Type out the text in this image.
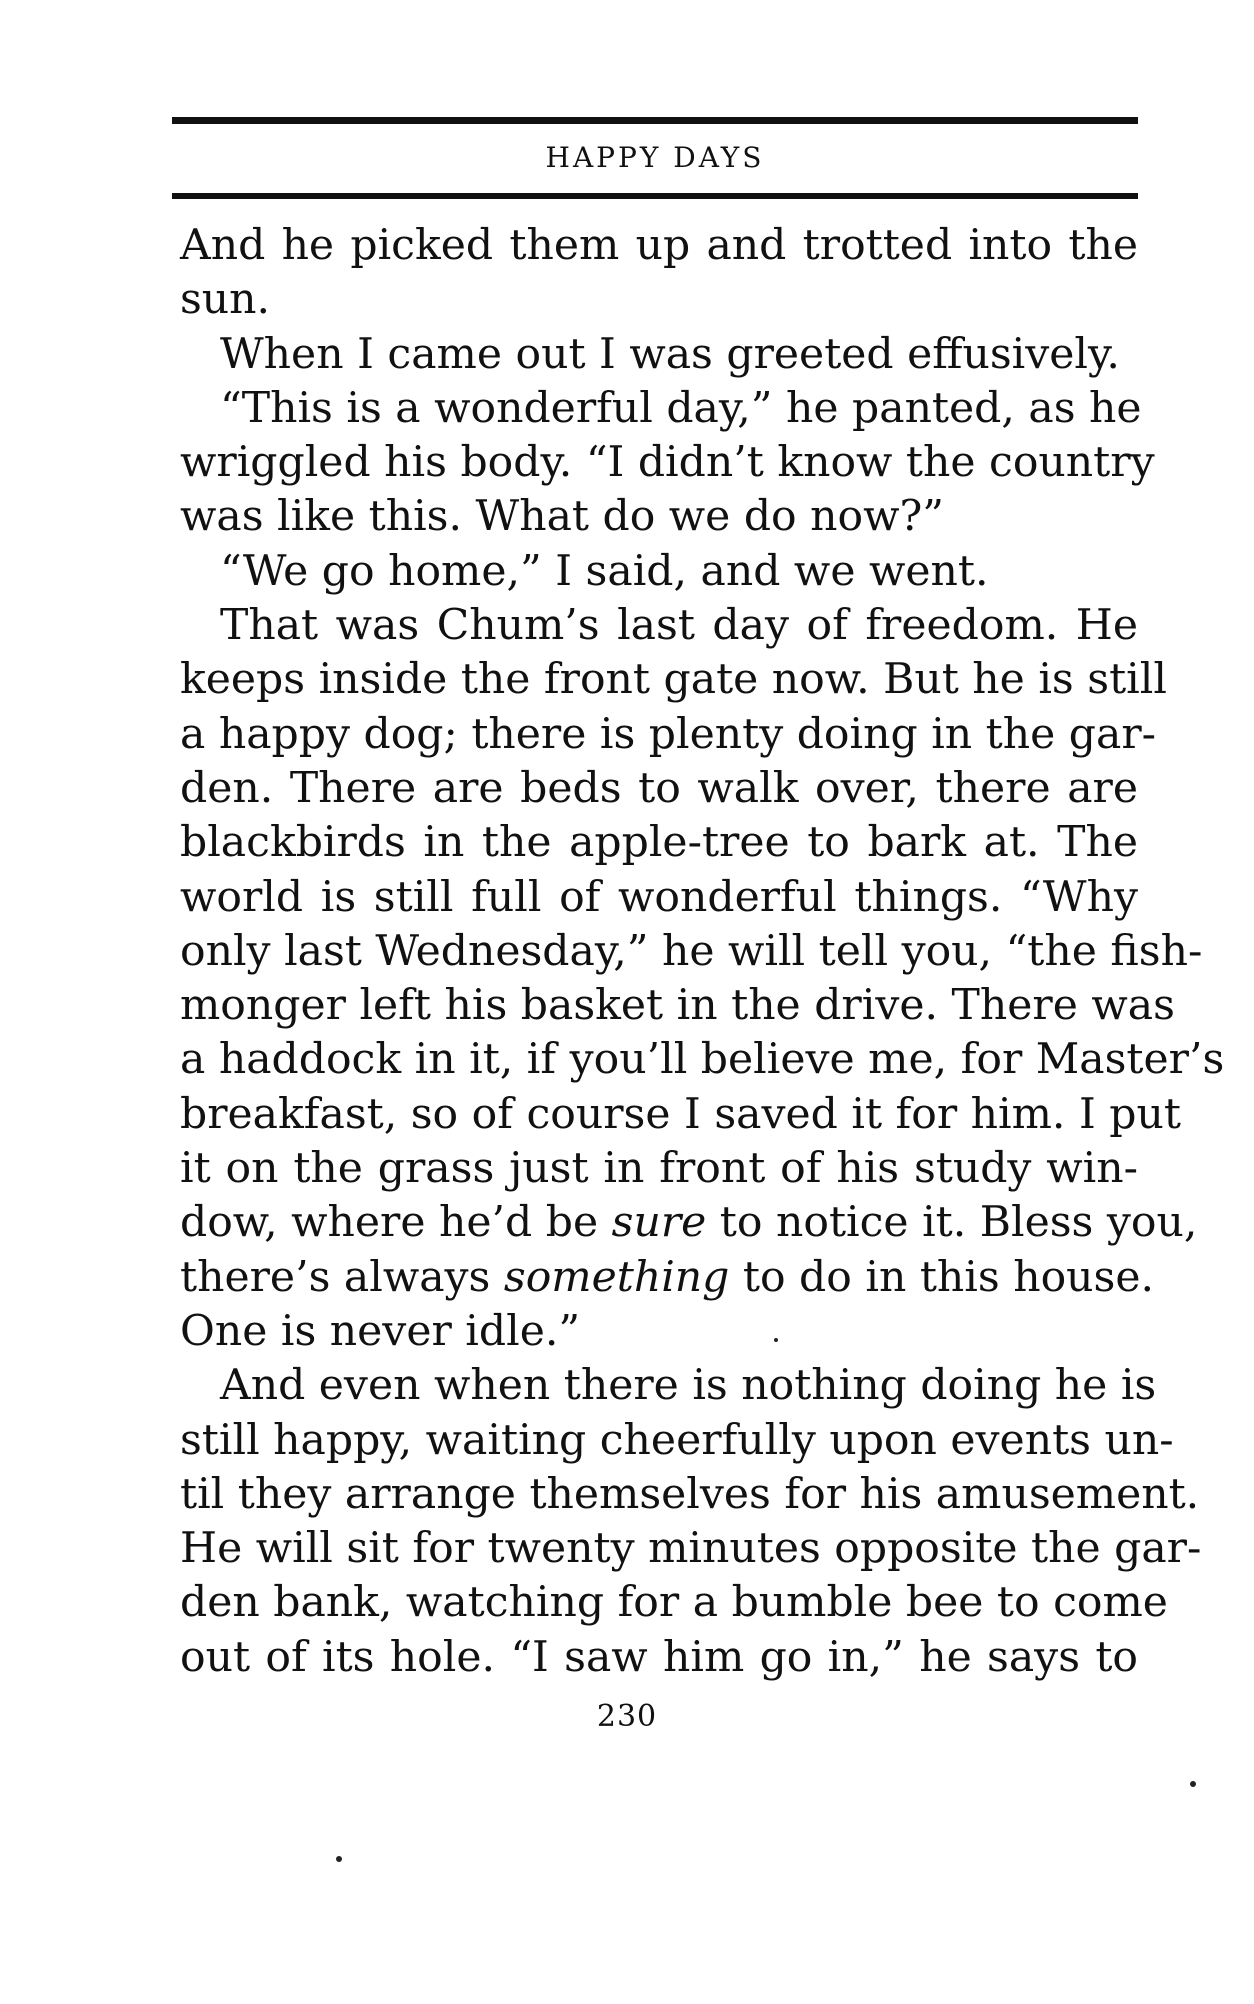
HAPPY DAYS
And he picked them up and trotted into the
sun.
When I came out I was greeted effusively.
“This is a wonderful day,” he panted, as he
wriggled his body. “I didn’t know the country
was like this. What do we do now?”
“We go home,” I said, and we went.
That was Chum’s last day of freedom. He
keeps inside the front gate now. But he is still
a happy dog; there is plenty doing in the gar-
den. There are beds to walk over, there are
blackbirds in the apple-tree to bark at. The
world is still full of wonderful things. “Why
only last Wednesday,” he will tell you, “the fish-
monger left his basket in the drive. There was
a haddock in it, if you’ll believe me, for Master’s
breakfast, so of course I saved it for him. I put
it on the grass just in front of his study win-
dow, where he’d be sure to notice it. Bless you,
there’s always something to do in this house.
One is never idle.”
And even when there is nothing doing he is
still happy, waiting cheerfully upon events un-
til they arrange themselves for his amusement.
He will sit for twenty minutes opposite the gar-
den bank, watching for a bumble bee to come
out of its hole. “I saw him go in,” he says to
230
